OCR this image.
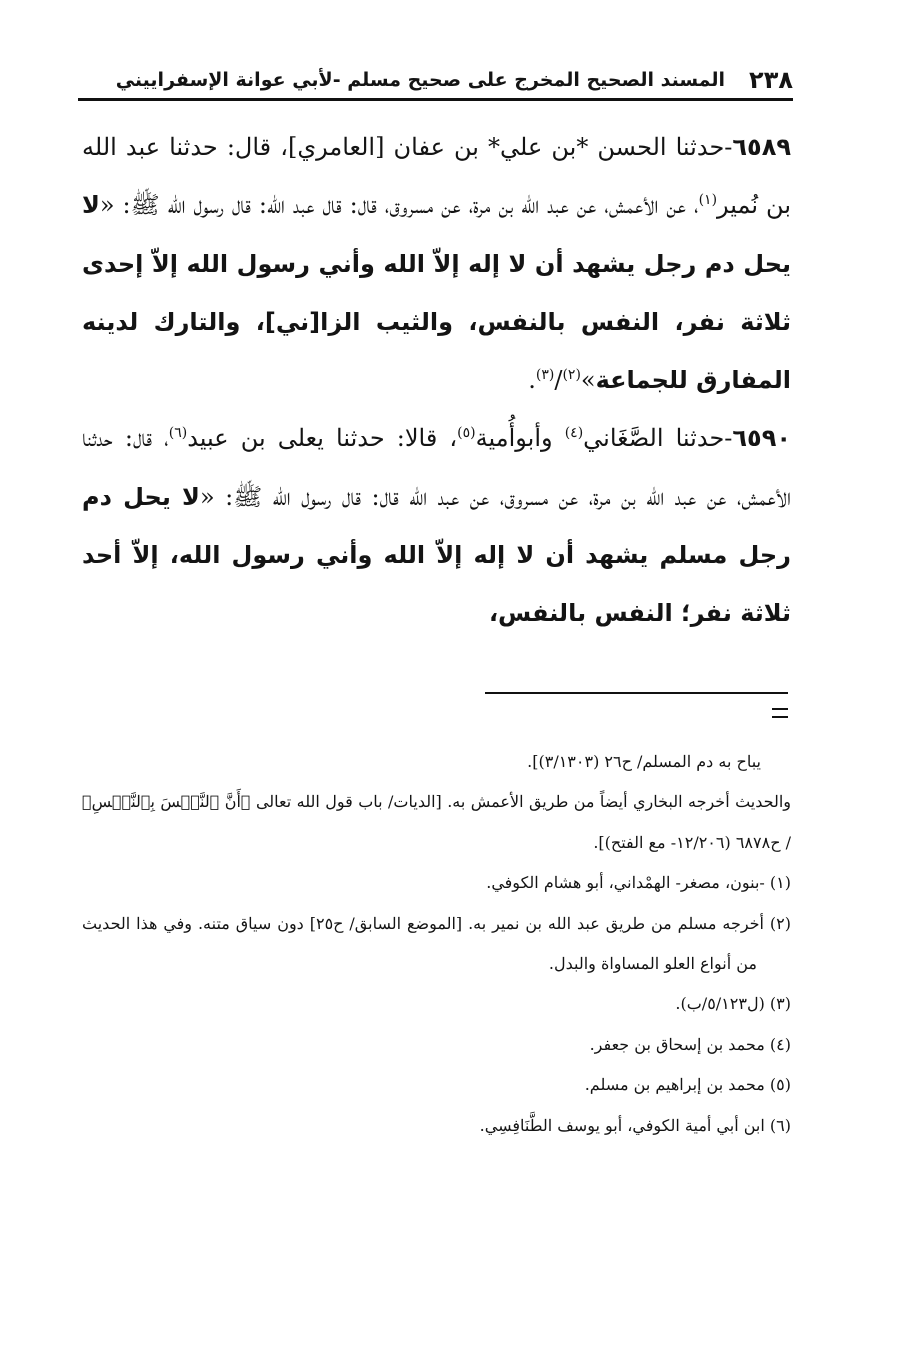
٢٣٨
المسند الصحيح المخرج على صحيح مسلم -لأبي عوانة الإسفراييني

٦٥٨٩-حدثنا الحسن *بن علي* بن عفان [العامري]، قال: حدثنا عبد الله بن نُمير$^{(١)}$، عن الأعمش، عن عبد الله بن مرة، عن مسروق، قال: قال عبد الله: قال رسول الله ﷺ: «لا يحل دم رجل يشهد أن لا إله إلاّ الله وأني رسول الله إلاّ إحدى ثلاثة نفر، النفس بالنفس، والثيب الزا[ني]، والتارك لدينه المفارق للجماعة»$^{(٢)}$/$^{(٣)}$.

٦٥٩٠-حدثنا الصَّغَاني$^{(٤)}$ وأبوأُمية$^{(٥)}$، قالا: حدثنا يعلى بن عبيد$^{(٦)}$، قال: حدثنا الأعمش، عن عبد الله بن مرة، عن مسروق، عن عبد الله قال: قال رسول الله ﷺ: «لا يحل دم رجل مسلم يشهد أن لا إله إلاّ الله وأني رسول الله، إلاّ أحد ثلاثة نفر؛ النفس بالنفس،

يباح به دم المسلم/ ح٢٦ (٣/١٣٠٣)].

والحديث أخرجه البخاري أيضاً من طريق الأعمش به. [الديات/ باب قول الله تعالى ﴿أَنَّ ٱلنَّفۡسَ بِٱلنَّفۡسِ﴾ / ح٦٨٧٨ (١٢/٢٠٦- مع الفتح)].

(١) -بنون، مصغر- الهمْداني، أبو هشام الكوفي.

(٢) أخرجه مسلم من طريق عبد الله بن نمير به. [الموضع السابق/ ح٢٥] دون سياق متنه. وفي هذا الحديث من أنواع العلو المساواة والبدل.

(٣) (ل٥/١٢٣/ب).

(٤) محمد بن إسحاق بن جعفر.

(٥) محمد بن إبراهيم بن مسلم.

(٦) ابن أبي أمية الكوفي، أبو يوسف الطَّنَافِسِي.
